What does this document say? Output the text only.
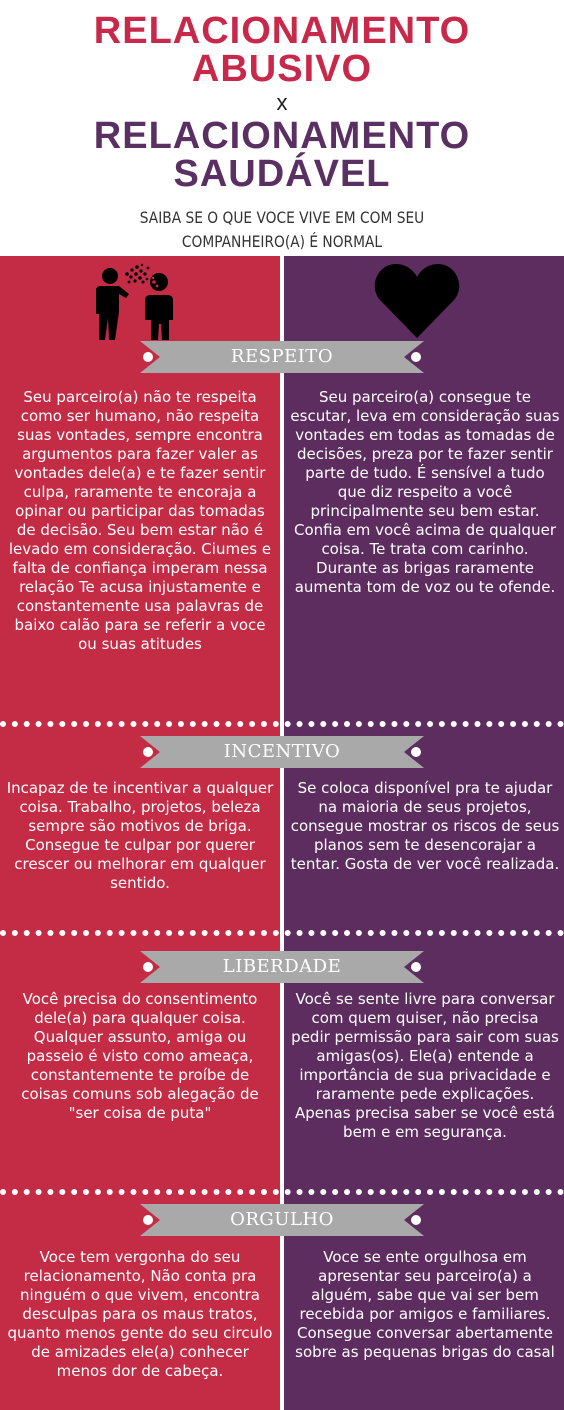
RELACIONAMENTO
ABUSIVO
x
RELACIONAMENTO
SAUDÁVEL
SAIBA SE O QUE VOCE VIVE EM COM SEU
COMPANHEIRO(A) É NORMAL
RESPEITO
INCENTIVO
LIBERDADE
ORGULHO
Seu parceiro(a) não te respeita como ser humano, não respeita suas vontades, sempre encontra argumentos para fazer valer as vontades dele(a) e te fazer sentir culpa, raramente te encoraja a opinar ou participar das tomadas de decisão. Seu bem estar não é levado em consideração. Ciumes e falta de confiança imperam nessa relação Te acusa injustamente e constantemente usa palavras de baixo calão para se referir a voce ou suas atitudes
Seu parceiro(a) consegue te escutar, leva em consideração suas vontades em todas as tomadas de decisões, preza por te fazer sentir parte de tudo. É sensível a tudo que diz respeito a você principalmente seu bem estar. Confia em você acima de qualquer coisa. Te trata com carinho. Durante as brigas raramente aumenta tom de voz ou te ofende.
Incapaz de te incentivar a qualquer coisa. Trabalho, projetos, beleza sempre são motivos de briga. Consegue te culpar por querer crescer ou melhorar em qualquer sentido.
Se coloca disponível pra te ajudar na maioria de seus projetos, consegue mostrar os riscos de seus planos sem te desencorajar a tentar. Gosta de ver você realizada.
Você precisa do consentimento dele(a) para qualquer coisa. Qualquer assunto, amiga ou passeio é visto como ameaça, constantemente te proíbe de coisas comuns sob alegação de "ser coisa de puta"
Você se sente livre para conversar com quem quiser, não precisa pedir permissão para sair com suas amigas(os). Ele(a) entende a importância de sua privacidade e raramente pede explicações. Apenas precisa saber se você está bem e em segurança.
Voce tem vergonha do seu relacionamento, Não conta pra ninguém o que vivem, encontra desculpas para os maus tratos, quanto menos gente do seu circulo de amizades ele(a) conhecer menos dor de cabeça.
Voce se ente orgulhosa em apresentar seu parceiro(a) a alguém, sabe que vai ser bem recebida por amigos e familiares. Consegue conversar abertamente sobre as pequenas brigas do casal
